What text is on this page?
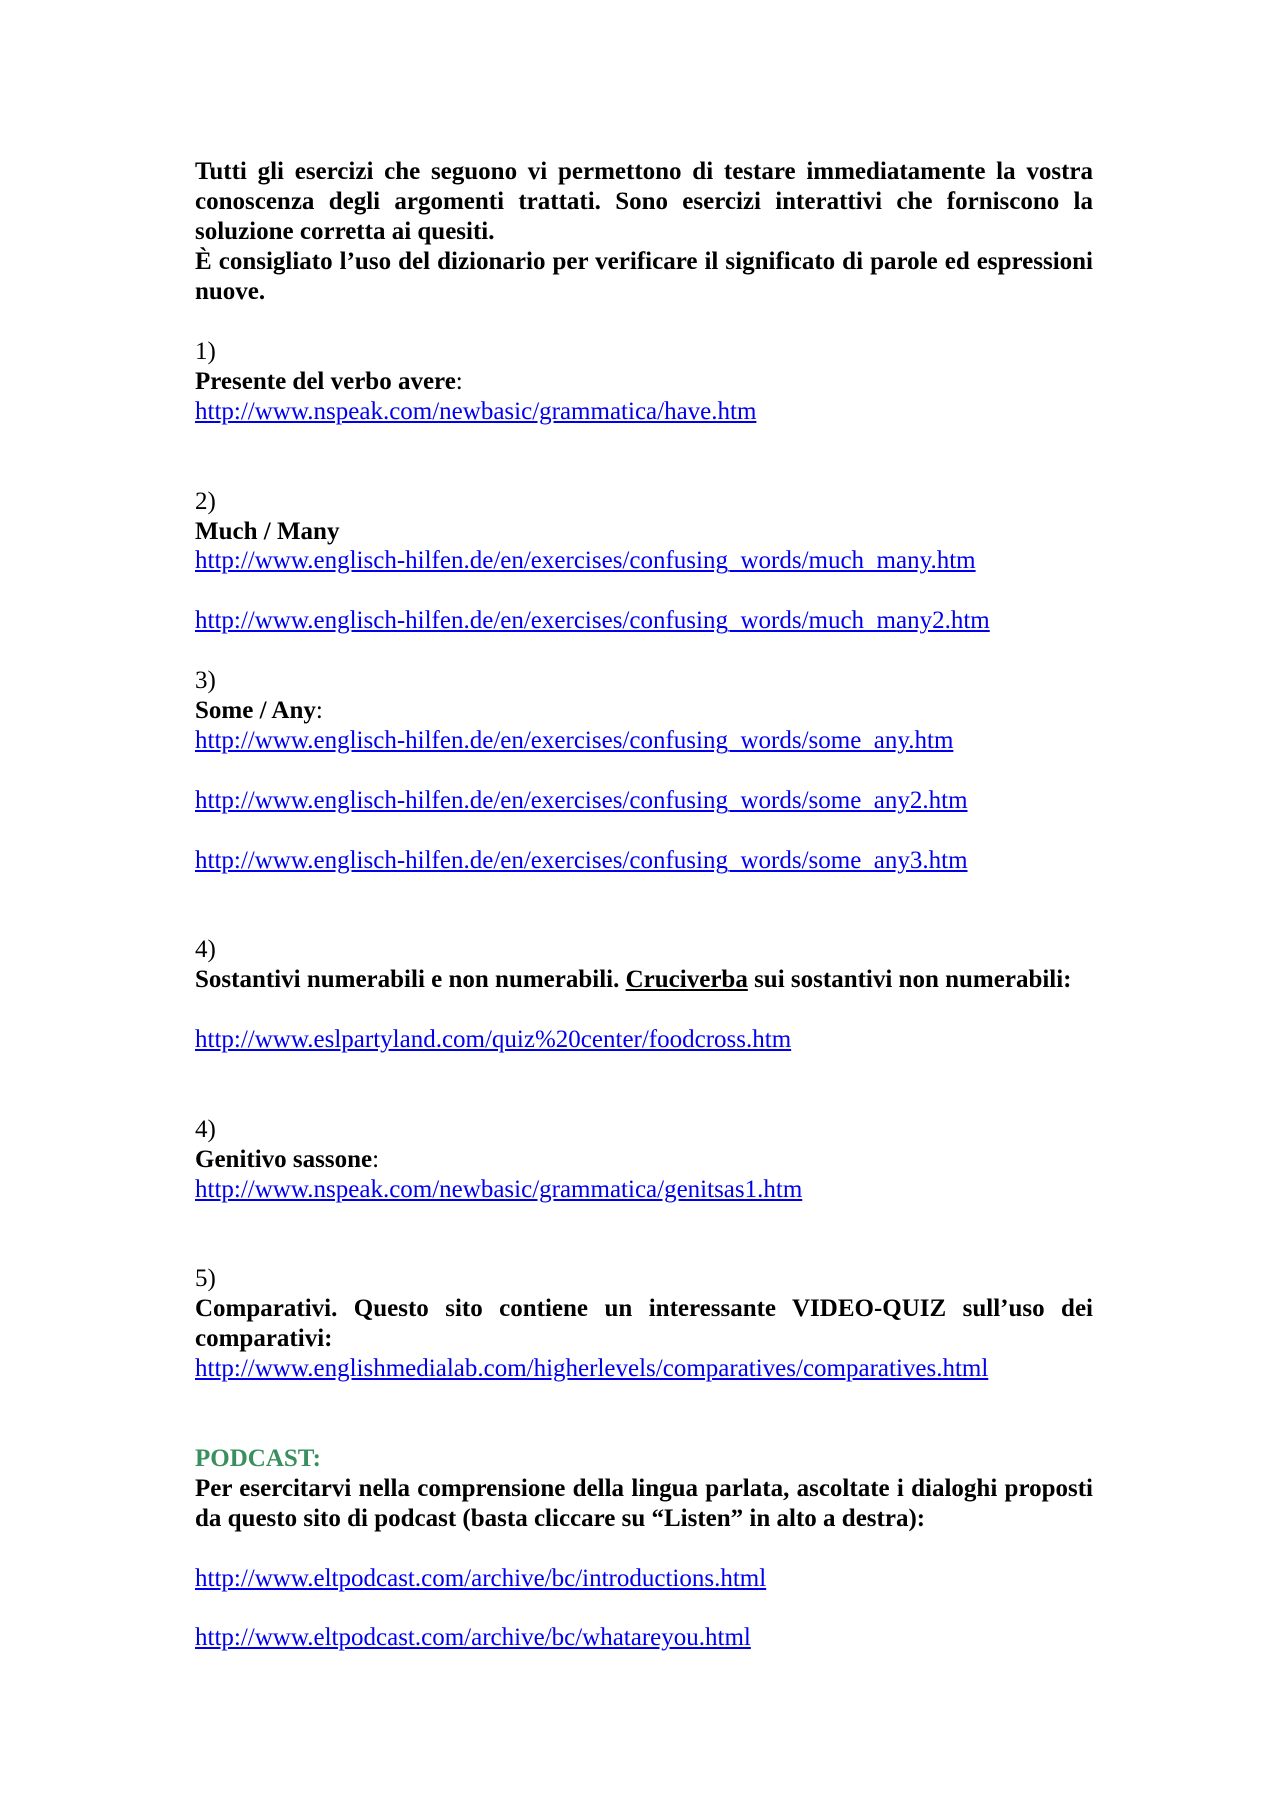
Tutti gli esercizi che seguono vi permettono di testare immediatamente la vostra conoscenza degli argomenti trattati. Sono esercizi interattivi che forniscono la soluzione corretta ai quesiti.
È consigliato l’uso del dizionario per verificare il significato di parole ed espressioni nuove.
1)
Presente del verbo avere:
http://www.nspeak.com/newbasic/grammatica/have.htm
2)
Much / Many
http://www.englisch-hilfen.de/en/exercises/confusing_words/much_many.htm
http://www.englisch-hilfen.de/en/exercises/confusing_words/much_many2.htm
3)
Some / Any:
http://www.englisch-hilfen.de/en/exercises/confusing_words/some_any.htm
http://www.englisch-hilfen.de/en/exercises/confusing_words/some_any2.htm
http://www.englisch-hilfen.de/en/exercises/confusing_words/some_any3.htm
4)
Sostantivi numerabili e non numerabili. Cruciverba sui sostantivi non numerabili:
http://www.eslpartyland.com/quiz%20center/foodcross.htm
4)
Genitivo sassone:
http://www.nspeak.com/newbasic/grammatica/genitsas1.htm
5)
Comparativi. Questo sito contiene un interessante VIDEO-QUIZ sull’uso dei comparativi:
http://www.englishmedialab.com/higherlevels/comparatives/comparatives.html
PODCAST:
Per esercitarvi nella comprensione della lingua parlata, ascoltate i dialoghi proposti da questo sito di podcast (basta cliccare su “Listen” in alto a destra):
http://www.eltpodcast.com/archive/bc/introductions.html
http://www.eltpodcast.com/archive/bc/whatareyou.html
